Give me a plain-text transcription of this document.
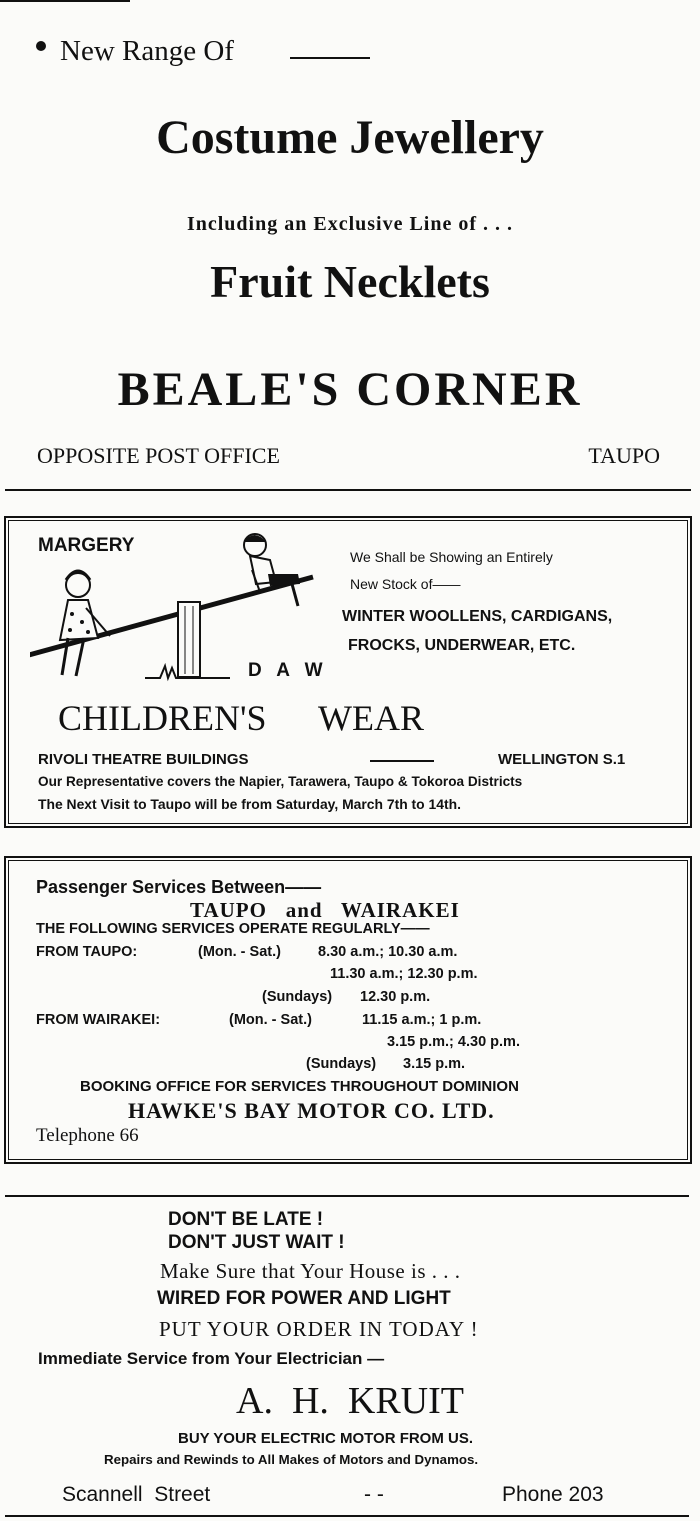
New Range Of
Costume Jewellery
Including an Exclusive Line of . . .
Fruit Necklets
BEALE'S CORNER
OPPOSITE POST OFFICE	TAUPO
MARGERY
D A W
We Shall be Showing an Entirely
New Stock of——
WINTER WOOLLENS, CARDIGANS,
FROCKS, UNDERWEAR, ETC.
CHILDREN'S WEAR
RIVOLI THEATRE BUILDINGS	WELLINGTON S.1
Our Representative covers the Napier, Tarawera, Taupo & Tokoroa Districts
The Next Visit to Taupo will be from Saturday, March 7th to 14th.
Passenger Services Between——
TAUPO   and   WAIRAKEI
THE FOLLOWING SERVICES OPERATE REGULARLY——
FROM TAUPO:	(Mon. - Sat.)	8.30 a.m.; 10.30 a.m.
11.30 a.m.; 12.30 p.m.
(Sundays) 12.30 p.m.
FROM WAIRAKEI:	(Mon. - Sat.)	11.15 a.m.; 1 p.m.
3.15 p.m.; 4.30 p.m.
(Sundays) 3.15 p.m.
BOOKING OFFICE FOR SERVICES THROUGHOUT DOMINION
HAWKE'S BAY MOTOR CO. LTD.
Telephone 66
DON'T BE LATE !
DON'T JUST WAIT !
Make Sure that Your House is . . .
WIRED FOR POWER AND LIGHT
PUT YOUR ORDER IN TODAY !
Immediate Service from Your Electrician —
A.  H.  KRUIT
BUY YOUR ELECTRIC MOTOR FROM US.
Repairs and Rewinds to All Makes of Motors and Dynamos.
Scannell  Street	- -	Phone 203
